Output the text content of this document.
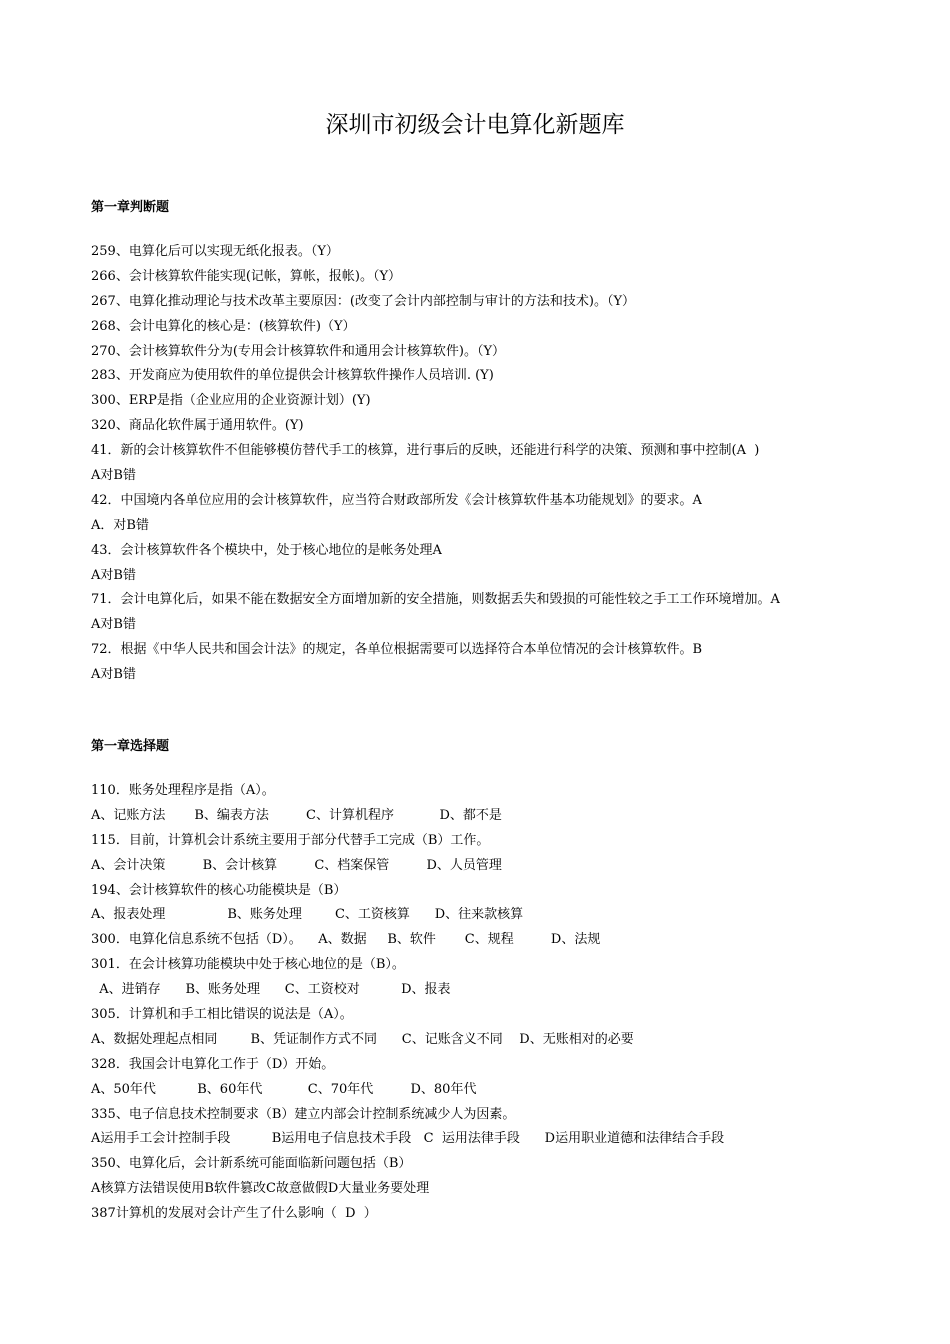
深圳市初级会计电算化新题库
第一章判断题
259、电算化后可以实现无纸化报表。（Y）
266、会计核算软件能实现(记帐，算帐，报帐)。（Y）
267、电算化推动理论与技术改革主要原因：(改变了会计内部控制与审计的方法和技术)。（Y）
268、会计电算化的核心是：(核算软件)（Y）
270、会计核算软件分为(专用会计核算软件和通用会计核算软件)。（Y）
283、开发商应为使用软件的单位提供会计核算软件操作人员培训. (Y)
300、ERP是指（企业应用的企业资源计划）(Y)
320、商品化软件属于通用软件。(Y)
41．新的会计核算软件不但能够模仿替代手工的核算，进行事后的反映，还能进行科学的决策、预测和事中控制(A  )
A对B错
42．中国境内各单位应用的会计核算软件，应当符合财政部所发《会计核算软件基本功能规划》的要求。A
A．对B错
43．会计核算软件各个模块中，处于核心地位的是帐务处理A
A对B错
71．会计电算化后，如果不能在数据安全方面增加新的安全措施，则数据丢失和毁损的可能性较之手工工作环境增加。A
A对B错
72．根据《中华人民共和国会计法》的规定，各单位根据需要可以选择符合本单位情况的会计核算软件。B
A对B错
第一章选择题
110．账务处理程序是指（A）。
A、记账方法       B、编表方法         C、计算机程序           D、都不是
115．目前，计算机会计系统主要用于部分代替手工完成（B）工作。
A、会计决策         B、会计核算         C、档案保管         D、人员管理
194、会计核算软件的核心功能模块是（B）
A、报表处理               B、账务处理        C、工资核算      D、往来款核算
300．电算化信息系统不包括（D）。    A、数据     B、软件       C、规程         D、法规
301．在会计核算功能模块中处于核心地位的是（B）。
A、进销存      B、账务处理      C、工资校对          D、报表
305．计算机和手工相比错误的说法是（A）。
A、数据处理起点相同        B、凭证制作方式不同      C、记账含义不同    D、无账相对的必要
328．我国会计电算化工作于（D）开始。
A、50年代          B、60年代           C、70年代         D、80年代
335、电子信息技术控制要求（B）建立内部会计控制系统减少人为因素。
A运用手工会计控制手段          B运用电子信息技术手段   C  运用法律手段      D运用职业道德和法律结合手段
350、电算化后，会计新系统可能面临新问题包括（B）
A核算方法错误使用B软件篡改C故意做假D大量业务要处理
387计算机的发展对会计产生了什么影响（  D  ）
